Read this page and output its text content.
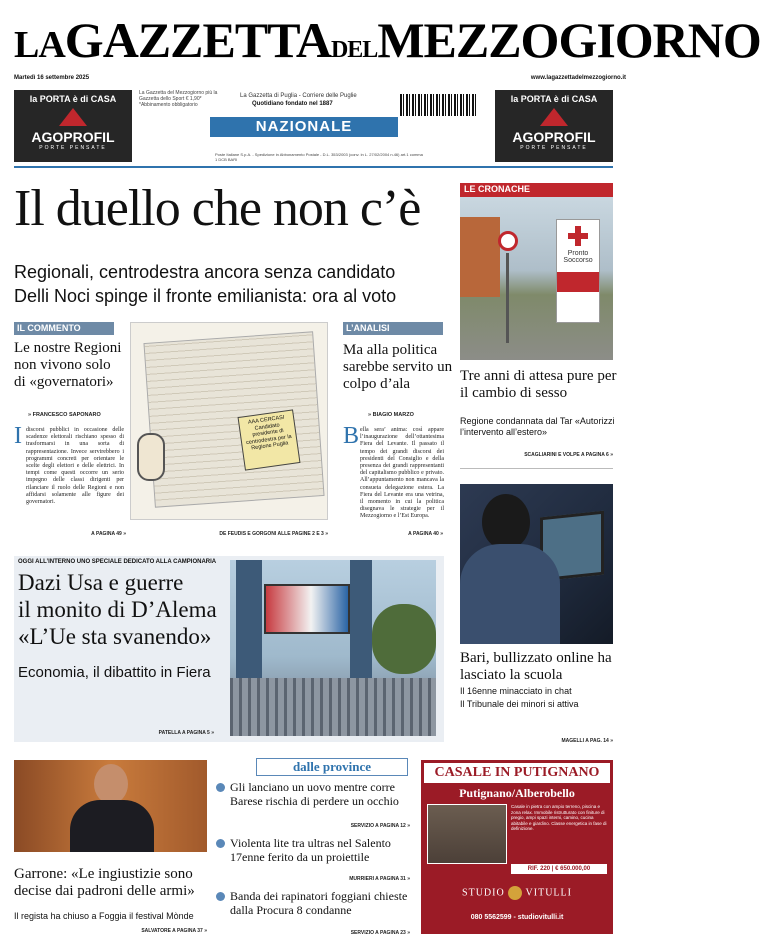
LAGAZZETTADELMEZZOGIORNO
Martedì 16 settembre 2025	www.lagazzettadelmezzogiorno.it
la PORTA è di CASA
AGOPROFIL
PORTE PENSATE
la PORTA è di CASA
AGOPROFIL
PORTE PENSATE
La Gazzetta del Mezzogiorno più la Gazzetta dello Sport € 1,90* *Abbinamento obbligatorio
La Gazzetta di Puglia - Corriere delle Puglie
Quotidiano fondato nel 1887
NAZIONALE
Poste Italiane S.p.A. - Spedizione in Abbonamento Postale - D.L. 353/2003 (conv. in L. 27/02/2004 n.46) art.1 comma 1 DCB BARI
Il duello che non c’è
Regionali, centrodestra ancora senza candidato
Delli Noci spinge il fronte emilianista: ora al voto
IL COMMENTO
Le nostre Regioni non vivono solo di «governatori»
» FRANCESCO SAPONARO
I discorsi pubblici in occasione delle scadenze elettorali rischiano spesso di trasformarsi in una sorta di rappresentazione. Invece servirebbero i programmi concreti per orientare le scelte degli elettori e delle elettrici. In tempi come questi occorre un serio impegno delle classi dirigenti per rilanciare il ruolo delle Regioni e non affidarsi solamente alle figure dei governatori.
A PAGINA 49 »
AAA CERCASI Candidato presidente di centrodestra per la Regione Puglia
DE FEUDIS E GORGONI ALLE PAGINE 2 E 3 »
L’ANALISI
Ma alla politica sarebbe servito un colpo d’ala
» BIAGIO MARZO
B ella sera’ anima: così appare l’inaugurazione dell’ottantesima Fiera del Levante. Il passato il tempo dei grandi discorsi dei presidenti del Consiglio e della presenza dei grandi rappresentanti del capitalismo pubblico e privato. All’appuntamento non mancava la consueta delegazione estera. La Fiera del Levante era una vetrina, il momento in cui la politica disegnava le strategie per il Mezzogiorno e l’Est Europa.
A PAGINA 40 »
LE CRONACHE
Pronto Soccorso
Tre anni di attesa pure per il cambio di sesso
Regione condannata dal Tar «Autorizzi l’intervento all’estero»
SCAGLIARINI E VOLPE A PAGINA 6 »
Bari, bullizzato online ha lasciato la scuola
Il 16enne minacciato in chat
Il Tribunale dei minori si attiva
MAGELLI A PAG. 14 »
OGGI ALL’INTERNO UNO SPECIALE DEDICATO ALLA CAMPIONARIA
Dazi Usa e guerre
il monito di D’Alema
«L’Ue sta svanendo»
Economia, il dibattito in Fiera
PATELLA A PAGINA 5 »
Garrone: «Le ingiustizie sono decise dai padroni delle armi»
Il regista ha chiuso a Foggia il festival Mònde
SALVATORE A PAGINA 37 »
dalle province
Gli lanciano un uovo mentre corre Barese rischia di perdere un occhio
SERVIZIO A PAGINA 12 »
Violenta lite tra ultras nel Salento 17enne ferito da un proiettile
MURRIERI A PAGINA 31 »
Banda dei rapinatori foggiani chieste dalla Procura 8 condanne
SERVIZIO A PAGINA 23 »
CASALE IN PUTIGNANO
Putignano/Alberobello
Casale in pietra con ampio terreno, piscina e zona relax. Immobile ristrutturato con finiture di pregio, ampi spazi interni, camino, cucina abitabile e giardino. Classe energetica in fase di definizione.
RIF. 220 | € 650.000,00
STUDIO VITULLI
080 5562599 - studiovitulli.it
